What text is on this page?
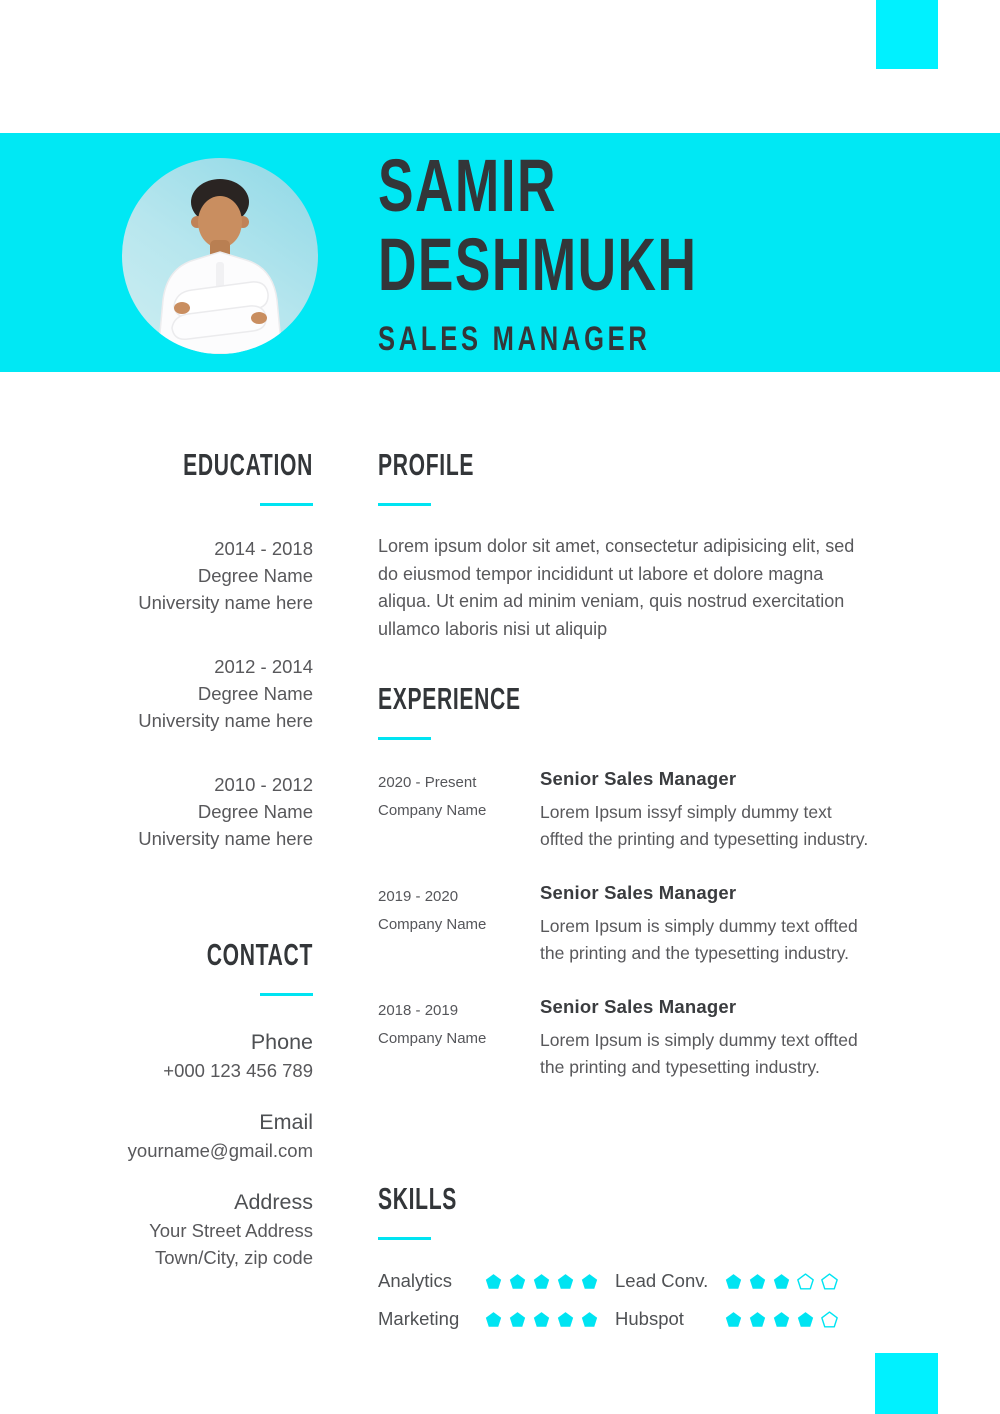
SAMIR
DESHMUKH
SALES MANAGER
EDUCATION
2014 - 2018
Degree Name
University name here
2012 - 2014
Degree Name
University name here
2010 - 2012
Degree Name
University name here
CONTACT
Phone
+000 123 456 789
Email
yourname@gmail.com
Address
Your Street Address
Town/City, zip code
PROFILE

Lorem ipsum dolor sit amet, consectetur adipisicing elit, sed do eiusmod tempor incididunt ut labore et dolore magna aliqua. Ut enim ad minim veniam, quis nostrud exercitation ullamco laboris nisi ut aliquip

EXPERIENCE
2020 - Present
Company Name
Senior Sales Manager

Lorem Ipsum issyf simply dummy text offted the printing and typesetting industry.

2019 - 2020
Company Name
Senior Sales Manager

Lorem Ipsum is simply dummy text offted the printing and the typesetting industry.

2018 - 2019
Company Name
Senior Sales Manager

Lorem Ipsum is simply dummy text offted the printing and typesetting industry.

SKILLS
Analytics	Lead Conv.
Marketing	Hubspot
